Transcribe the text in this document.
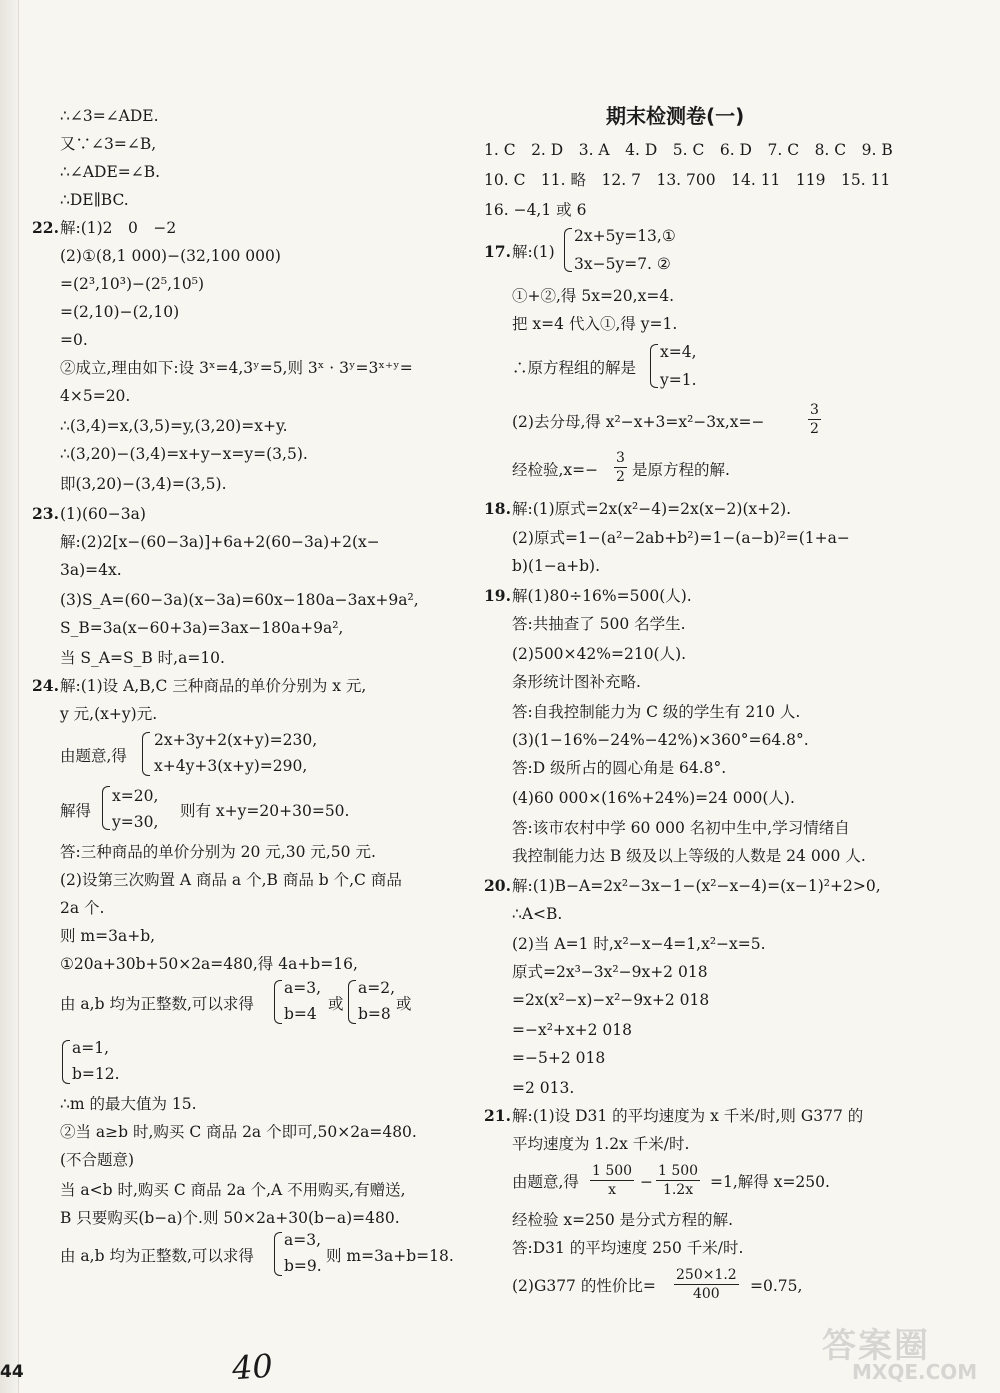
∴∠3=∠ADE.
又∵∠3=∠B,
∴∠ADE=∠B.
∴DE∥BC.
22. 解:(1)2　0　−2
(2)①(8,1 000)−(32,100 000)
=(2³,10³)−(2⁵,10⁵)
=(2,10)−(2,10)
=0.
②成立,理由如下:设 3ˣ=4,3ʸ=5,则 3ˣ · 3ʸ=3ˣ⁺ʸ=
4×5=20.
∴(3,4)=x,(3,5)=y,(3,20)=x+y.
∴(3,20)−(3,4)=x+y−x=y=(3,5).
即(3,20)−(3,4)=(3,5).
23. (1)(60−3a)
解:(2)2[x−(60−3a)]+6a+2(60−3a)+2(x−
3a)=4x.
(3)S_A=(60−3a)(x−3a)=60x−180a−3ax+9a²,
S_B=3a(x−60+3a)=3ax−180a+9a²,
当 S_A=S_B 时,a=10.
24. 解:(1)设 A,B,C 三种商品的单价分别为 x 元,
y 元,(x+y)元.
由题意,得
2x+3y+2(x+y)=230,
x+4y+3(x+y)=290,
解得
x=20,
y=30,
则有 x+y=20+30=50.
答:三种商品的单价分别为 20 元,30 元,50 元.
(2)设第三次购置 A 商品 a 个,B 商品 b 个,C 商品
2a 个.
则 m=3a+b,
①20a+30b+50×2a=480,得 4a+b=16,
由 a,b 均为正整数,可以求得
a=3,
b=4
或
a=2,
b=8
或
a=1,
b=12.
∴m 的最大值为 15.
②当 a≥b 时,购买 C 商品 2a 个即可,50×2a=480.
(不合题意)
当 a<b 时,购买 C 商品 2a 个,A 不用购买,有赠送,
B 只要购买(b−a)个.则 50×2a+30(b−a)=480.
由 a,b 均为正整数,可以求得
a=3,
b=9.
则 m=3a+b=18.
期末检测卷(一)
1. C　2. D　3. A　4. D　5. C　6. D　7. C　8. C　9. B
10. C　11. 略　12. 7　13. 700　14. 11　119　15. 11
16. −4,1 或 6
17. 解:(1)
2x+5y=13,①
3x−5y=7. ②
①+②,得 5x=20,x=4.
把 x=4 代入①,得 y=1.
∴原方程组的解是
x=4,
y=1.
(2)去分母,得 x²−x+3=x²−3x,x=−	$\frac{3}{2}$
经检验$,x=- \frac{3}{2}$ 是原方程的解.
18. 解:(1)原式=2x(x²−4)=2x(x−2)(x+2).
(2)原式=1−(a²−2ab+b²)=1−(a−b)²=(1+a−
b)(1−a+b).
19. 解(1)80÷16%=500(人).
答:共抽查了 500 名学生.
(2)500×42%=210(人).
条形统计图补充略.
答:自我控制能力为 C 级的学生有 210 人.
(3)(1−16%−24%−42%)×360°=64.8°.
答:D 级所占的圆心角是 64.8°.
(4)60 000×(16%+24%)=24 000(人).
答:该市农村中学 60 000 名初中生中,学习情绪自
我控制能力达 B 级及以上等级的人数是 24 000 人.
20. 解:(1)B−A=2x²−3x−1−(x²−x−4)=(x−1)²+2>0,
∴A<B.
(2)当 A=1 时,x²−x−4=1,x²−x=5.
原式=2x³−3x²−9x+2 018
=2x(x²−x)−x²−9x+2 018
=−x²+x+2 018
=−5+2 018
=2 013.
21. 解:(1)设 D31 的平均速度为 x 千米/时,则 G377 的
平均速度为 1.2x 千米/时.
由题意,得 $\frac{1 500}{x} - \frac{1 500}{1.2x} =1$,解得 x=250.
经检验 x=250 是分式方程的解.
答:D31 的平均速度 250 千米/时.
(2)G377 的性价比= $\frac{250\times 1.2}{400} =0.75$,
44	40
答案圈
MXQE.COM
